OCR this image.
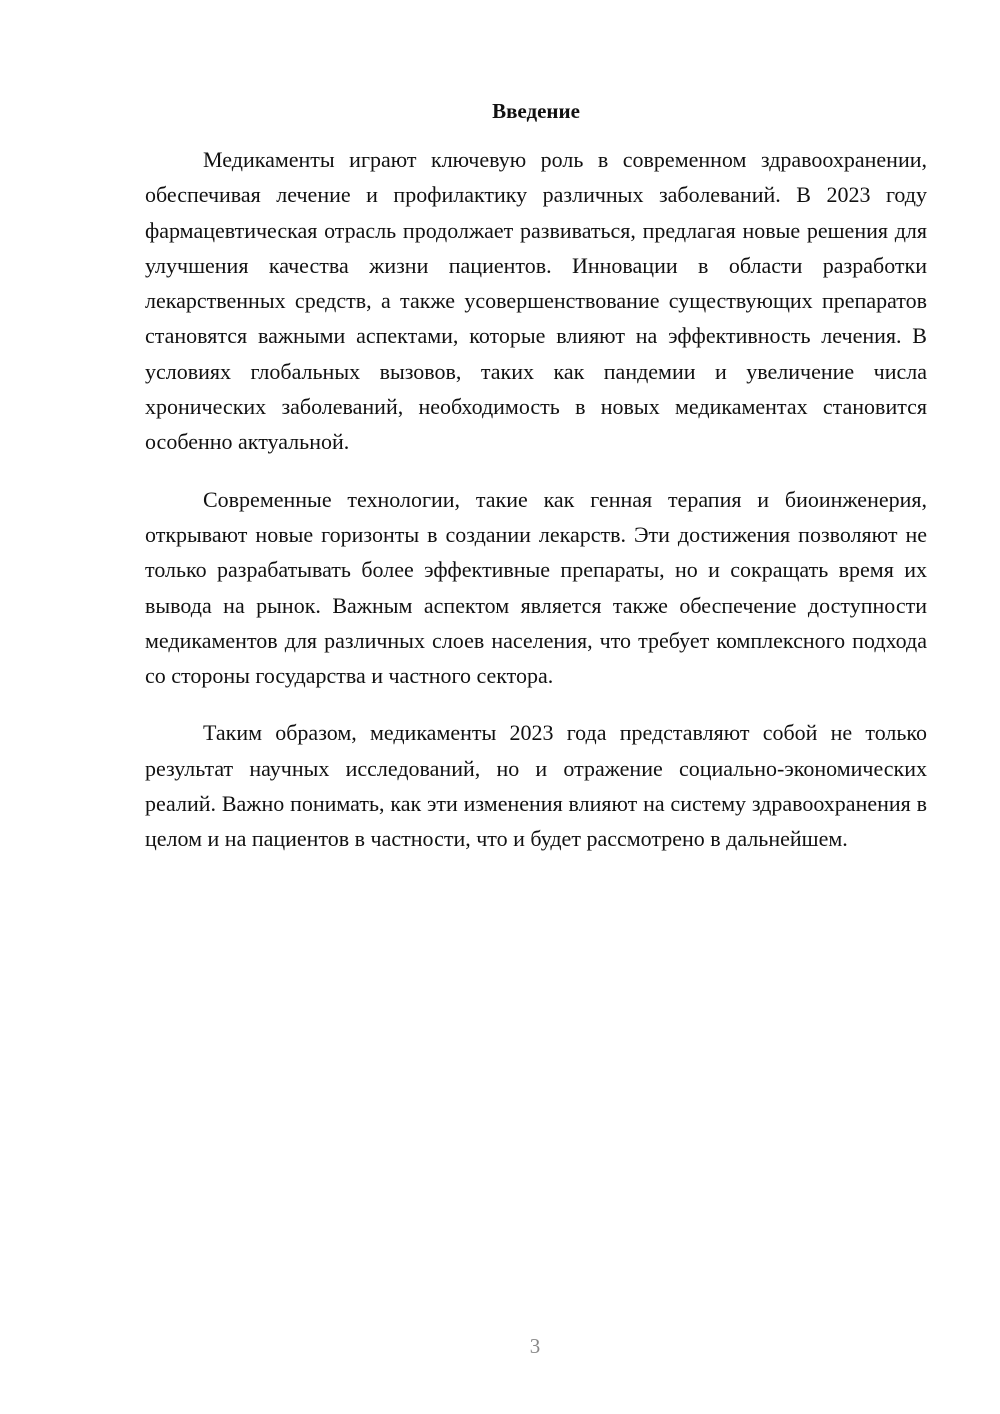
Введение

Медикаменты играют ключевую роль в современном здравоохранении, обеспечивая лечение и профилактику различных заболеваний. В 2023 году фармацевтическая отрасль продолжает развиваться, предлагая новые решения для улучшения качества жизни пациентов. Инновации в области разработки лекарственных средств, а также усовершенствование существующих препаратов становятся важными аспектами, которые влияют на эффективность лечения. В условиях глобальных вызовов, таких как пандемии и увеличение числа хронических заболеваний, необходимость в новых медикаментах становится особенно актуальной.

Современные технологии, такие как генная терапия и биоинженерия, открывают новые горизонты в создании лекарств. Эти достижения позволяют не только разрабатывать более эффективные препараты, но и сокращать время их вывода на рынок. Важным аспектом является также обеспечение доступности медикаментов для различных слоев населения, что требует комплексного подхода со стороны государства и частного сектора.

Таким образом, медикаменты 2023 года представляют собой не только результат научных исследований, но и отражение социально-экономических реалий. Важно понимать, как эти изменения влияют на систему здравоохранения в целом и на пациентов в частности, что и будет рассмотрено в дальнейшем.

3
